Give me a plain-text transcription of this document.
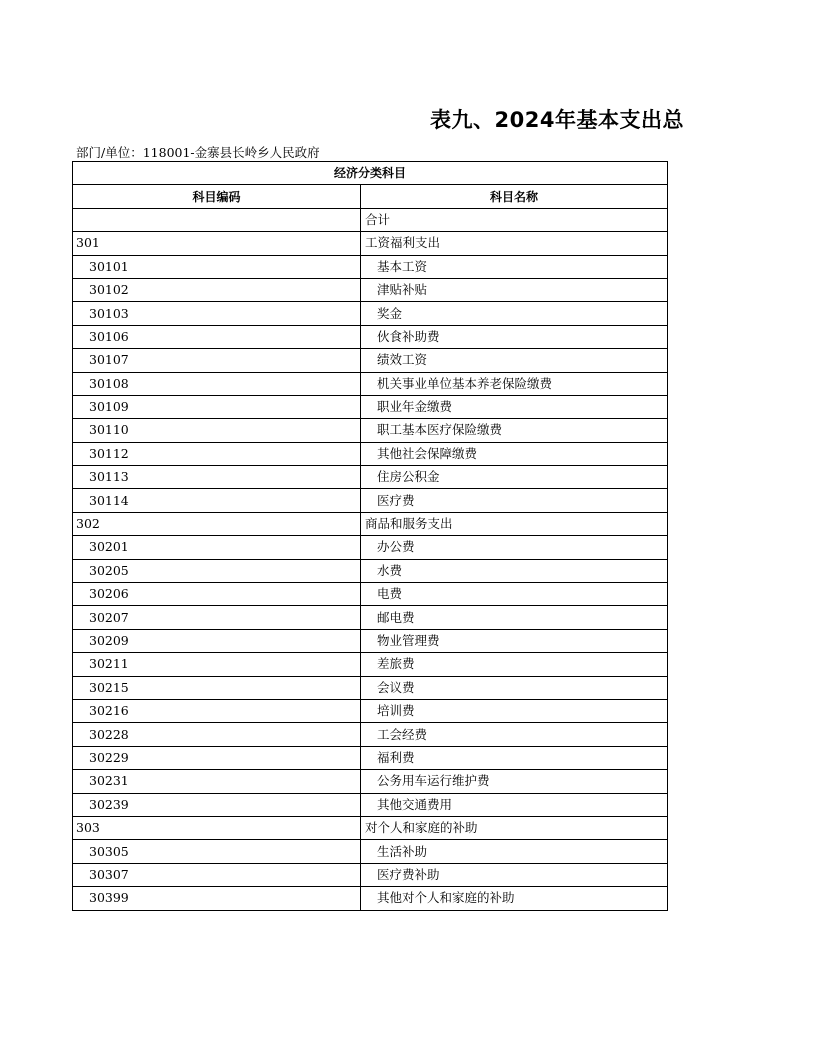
表九、2024年基本支出总
部门/单位：118001-金寨县长岭乡人民政府
经济分类科目	
科目编码	科目名称
	合计
301	工资福利支出
30101	基本工资
30102	津贴补贴
30103	奖金
30106	伙食补助费
30107	绩效工资
30108	机关事业单位基本养老保险缴费
30109	职业年金缴费
30110	职工基本医疗保险缴费
30112	其他社会保障缴费
30113	住房公积金
30114	医疗费
302	商品和服务支出
30201	办公费
30205	水费
30206	电费
30207	邮电费
30209	物业管理费
30211	差旅费
30215	会议费
30216	培训费
30228	工会经费
30229	福利费
30231	公务用车运行维护费
30239	其他交通费用
303	对个人和家庭的补助
30305	生活补助
30307	医疗费补助
30399	其他对个人和家庭的补助
